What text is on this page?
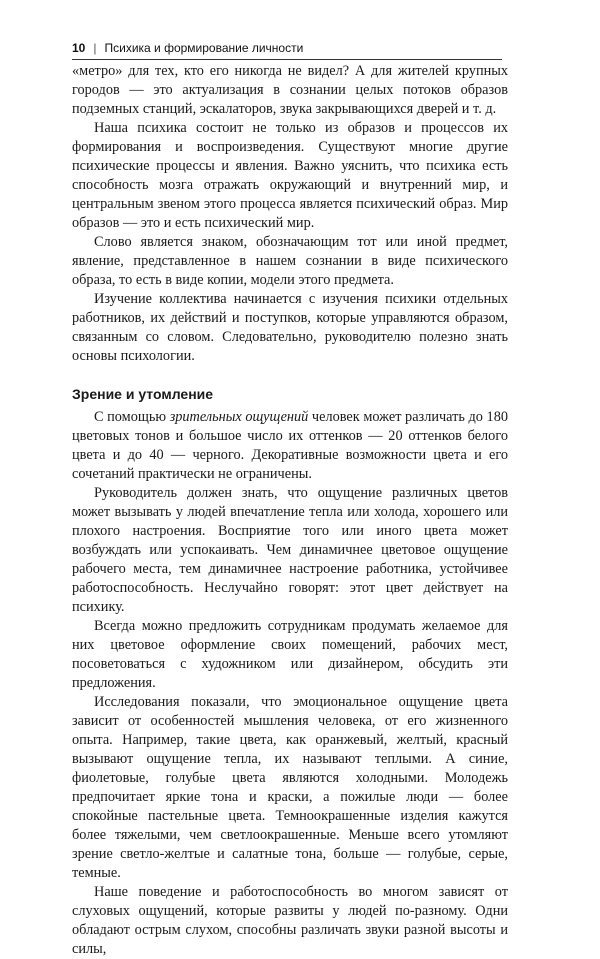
10 | Психика и формирование личности

«метро» для тех, кто его никогда не видел? А для жителей крупных городов — это актуализация в сознании целых потоков образов подземных станций, эскалаторов, звука закрывающихся дверей и т. д.

Наша психика состоит не только из образов и процессов их формирования и воспроизведения. Существуют многие другие психические процессы и явления. Важно уяснить, что психика есть способность мозга отражать окружающий и внутренний мир, и центральным звеном этого процесса является психический образ. Мир образов — это и есть психический мир.

Слово является знаком, обозначающим тот или иной предмет, явление, представленное в нашем сознании в виде психического образа, то есть в виде копии, модели этого предмета.

Изучение коллектива начинается с изучения психики отдельных работников, их действий и поступков, которые управляются образом, связанным со словом. Следовательно, руководителю полезно знать основы психологии.

Зрение и утомление

С помощью зрительных ощущений человек может различать до 180 цветовых тонов и большое число их оттенков — 20 оттенков белого цвета и до 40 — черного. Декоративные возможности цвета и его сочетаний практически не ограничены.

Руководитель должен знать, что ощущение различных цветов может вызывать у людей впечатление тепла или холода, хорошего или плохого настроения. Восприятие того или иного цвета может возбуждать или успокаивать. Чем динамичнее цветовое ощущение рабочего места, тем динамичнее настроение работника, устойчивее работоспособность. Неслучайно говорят: этот цвет действует на психику.

Всегда можно предложить сотрудникам продумать желаемое для них цветовое оформление своих помещений, рабочих мест, посоветоваться с художником или дизайнером, обсудить эти предложения.

Исследования показали, что эмоциональное ощущение цвета зависит от особенностей мышления человека, от его жизненного опыта. Например, такие цвета, как оранжевый, желтый, красный вызывают ощущение тепла, их называют теплыми. А синие, фиолетовые, голубые цвета являются холодными. Молодежь предпочитает яркие тона и краски, а пожилые люди — более спокойные пастельные цвета. Темноокрашенные изделия кажутся более тяжелыми, чем светлоокрашенные. Меньше всего утомляют зрение светло-желтые и салатные тона, больше — голубые, серые, темные.

Наше поведение и работоспособность во многом зависят от слуховых ощущений, которые развиты у людей по-разному. Одни обладают острым слухом, способны различать звуки разной высоты и силы,
